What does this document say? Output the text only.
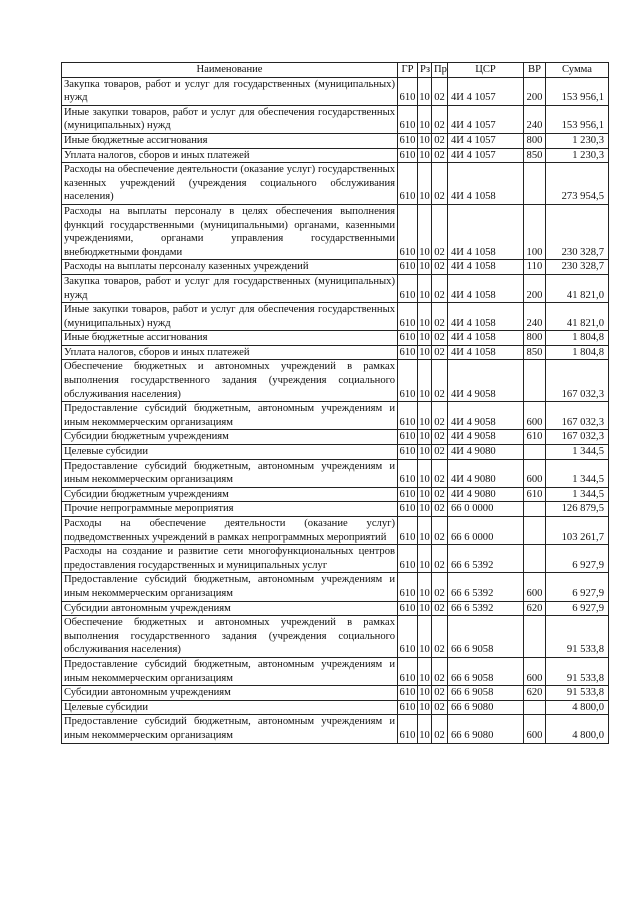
Наименование	ГР	Рз	Пр	ЦСР	ВР	Сумма
Закупка товаров, работ и услуг для государственных (муниципальных) нужд	610	10	02	4И 4 1057	200	153 956,1
Иные закупки товаров, работ и услуг для обеспечения государственных (муниципальных) нужд	610	10	02	4И 4 1057	240	153 956,1
Иные бюджетные ассигнования	610	10	02	4И 4 1057	800	1 230,3
Уплата налогов, сборов и иных платежей	610	10	02	4И 4 1057	850	1 230,3
Расходы на обеспечение деятельности (оказание услуг) государственных казенных учреждений (учреждения социального обслуживания населения)	610	10	02	4И 4 1058		273 954,5
Расходы на выплаты персоналу в целях обеспечения выполнения функций государственными (муниципальными) органами, казенными учреждениями, органами управления государственными внебюджетными фондами	610	10	02	4И 4 1058	100	230 328,7
Расходы на выплаты персоналу казенных учреждений	610	10	02	4И 4 1058	110	230 328,7
Закупка товаров, работ и услуг для государственных (муниципальных) нужд	610	10	02	4И 4 1058	200	41 821,0
Иные закупки товаров, работ и услуг для обеспечения государственных (муниципальных) нужд	610	10	02	4И 4 1058	240	41 821,0
Иные бюджетные ассигнования	610	10	02	4И 4 1058	800	1 804,8
Уплата налогов, сборов и иных платежей	610	10	02	4И 4 1058	850	1 804,8
Обеспечение бюджетных и автономных учреждений в рамках выполнения государственного задания (учреждения социального обслуживания населения)	610	10	02	4И 4 9058		167 032,3
Предоставление субсидий бюджетным, автономным учреждениям и иным некоммерческим организациям	610	10	02	4И 4 9058	600	167 032,3
Субсидии бюджетным учреждениям	610	10	02	4И 4 9058	610	167 032,3
Целевые субсидии	610	10	02	4И 4 9080		1 344,5
Предоставление субсидий бюджетным, автономным учреждениям и иным некоммерческим организациям	610	10	02	4И 4 9080	600	1 344,5
Субсидии бюджетным учреждениям	610	10	02	4И 4 9080	610	1 344,5
Прочие непрограммные мероприятия	610	10	02	66 0 0000		126 879,5
Расходы на обеспечение деятельности (оказание услуг) подведомственных учреждений в рамках непрограммных мероприятий	610	10	02	66 6 0000		103 261,7
Расходы на создание и развитие сети многофункциональных центров предоставления государственных и муниципальных услуг	610	10	02	66 6 5392		6 927,9
Предоставление субсидий бюджетным, автономным учреждениям и иным некоммерческим организациям	610	10	02	66 6 5392	600	6 927,9
Субсидии автономным учреждениям	610	10	02	66 6 5392	620	6 927,9
Обеспечение бюджетных и автономных учреждений в рамках выполнения государственного задания (учреждения социального обслуживания населения)	610	10	02	66 6 9058		91 533,8
Предоставление субсидий бюджетным, автономным учреждениям и иным некоммерческим организациям	610	10	02	66 6 9058	600	91 533,8
Субсидии автономным учреждениям	610	10	02	66 6 9058	620	91 533,8
Целевые субсидии	610	10	02	66 6 9080		4 800,0
Предоставление субсидий бюджетным, автономным учреждениям и иным некоммерческим организациям	610	10	02	66 6 9080	600	4 800,0
